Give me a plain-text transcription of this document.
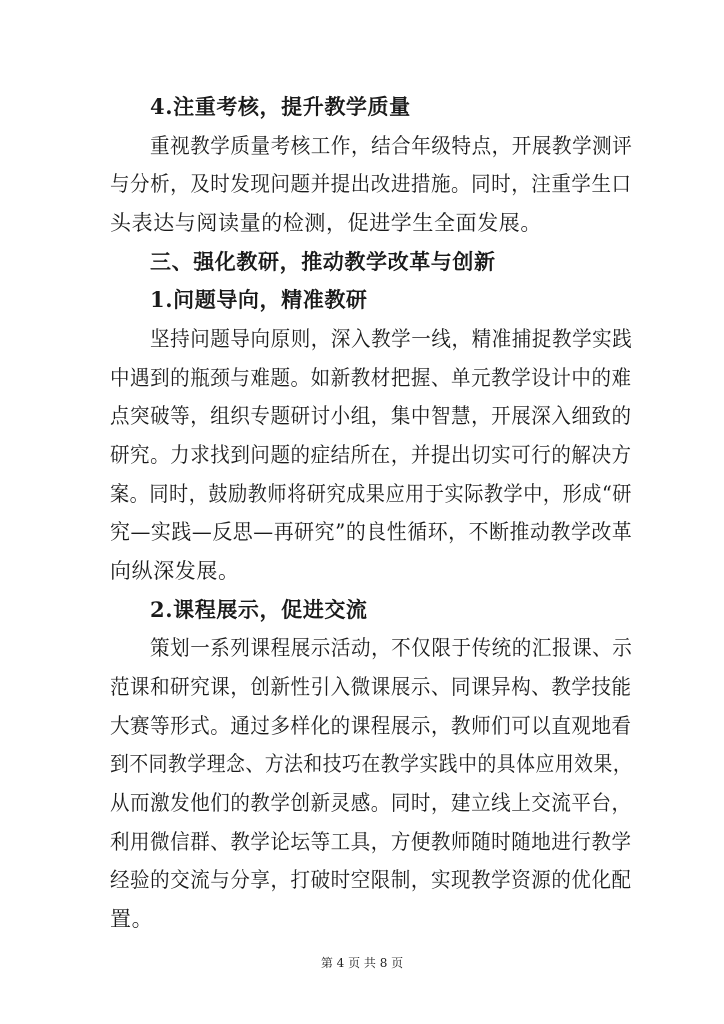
4.注重考核，提升教学质量
重视教学质量考核工作，结合年级特点，开展教学测评
与分析，及时发现问题并提出改进措施。同时，注重学生口
头表达与阅读量的检测，促进学生全面发展。
三、强化教研，推动教学改革与创新
1.问题导向，精准教研
坚持问题导向原则，深入教学一线，精准捕捉教学实践
中遇到的瓶颈与难题。如新教材把握、单元教学设计中的难
点突破等，组织专题研讨小组，集中智慧，开展深入细致的
研究。力求找到问题的症结所在，并提出切实可行的解决方
案。同时，鼓励教师将研究成果应用于实际教学中，形成“研
究—实践—反思—再研究”的良性循环，不断推动教学改革
向纵深发展。
2.课程展示，促进交流
策划一系列课程展示活动，不仅限于传统的汇报课、示
范课和研究课，创新性引入微课展示、同课异构、教学技能
大赛等形式。通过多样化的课程展示，教师们可以直观地看
到不同教学理念、方法和技巧在教学实践中的具体应用效果，
从而激发他们的教学创新灵感。同时，建立线上交流平台，
利用微信群、教学论坛等工具，方便教师随时随地进行教学
经验的交流与分享，打破时空限制，实现教学资源的优化配
置。
第 4 页 共 8 页
